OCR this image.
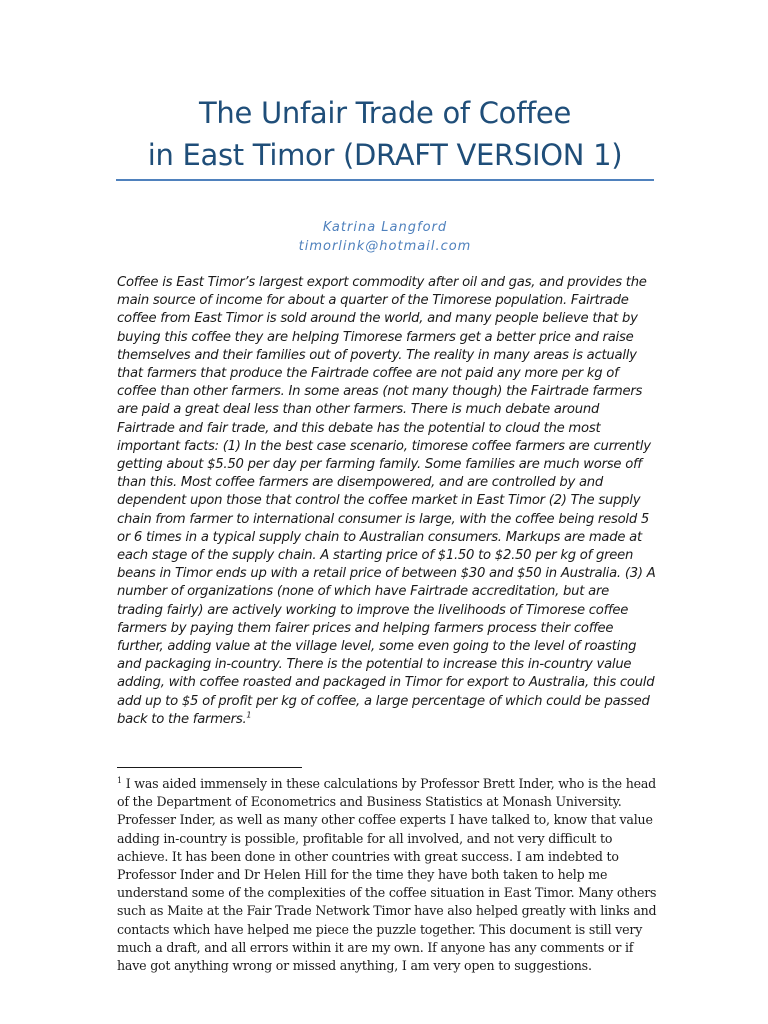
The Unfair Trade of Coffee
in East Timor (DRAFT VERSION 1)
Katrina Langford
timorlink@hotmail.com

Coffee is East Timor’s largest export commodity after oil and gas, and provides the main source of income for about a quarter of the Timorese population. Fairtrade coffee from East Timor is sold around the world, and many people believe that by buying this coffee they are helping Timorese farmers get a better price and raise themselves and their families out of poverty. The reality in many areas is actually that farmers that produce the Fairtrade coffee are not paid any more per kg of coffee than other farmers. In some areas (not many though) the Fairtrade farmers are paid a great deal less than other farmers. There is much debate around Fairtrade and fair trade, and this debate has the potential to cloud the most important facts: (1) In the best case scenario, timorese coffee farmers are currently getting about $5.50 per day per farming family. Some families are much worse off than this. Most coffee farmers are disempowered, and are controlled by and dependent upon those that control the coffee market in East Timor (2) The supply chain from farmer to international consumer is large, with the coffee being resold 5 or 6 times in a typical supply chain to Australian consumers. Markups are made at each stage of the supply chain. A starting price of $1.50 to $2.50 per kg of green beans in Timor ends up with a retail price of between $30 and $50 in Australia. (3) A number of organizations (none of which have Fairtrade accreditation, but are trading fairly) are actively working to improve the livelihoods of Timorese coffee farmers by paying them fairer prices and helping farmers process their coffee further, adding value at the village level, some even going to the level of roasting and packaging in-country. There is the potential to increase this in-country value adding, with coffee roasted and packaged in Timor for export to Australia, this could add up to $5 of profit per kg of coffee, a large percentage of which could be passed back to the farmers.$^1$

$^1$ I was aided immensely in these calculations by Professor Brett Inder, who is the head of the Department of Econometrics and Business Statistics at Monash University. Professer Inder, as well as many other coffee experts I have talked to, know that value adding in-country is possible, profitable for all involved, and not very difficult to achieve. It has been done in other countries with great success. I am indebted to Professor Inder and Dr Helen Hill for the time they have both taken to help me understand some of the complexities of the coffee situation in East Timor. Many others such as Maite at the Fair Trade Network Timor have also helped greatly with links and contacts which have helped me piece the puzzle together. This document is still very much a draft, and all errors within it are my own. If anyone has any comments or if have got anything wrong or missed anything, I am very open to suggestions.
